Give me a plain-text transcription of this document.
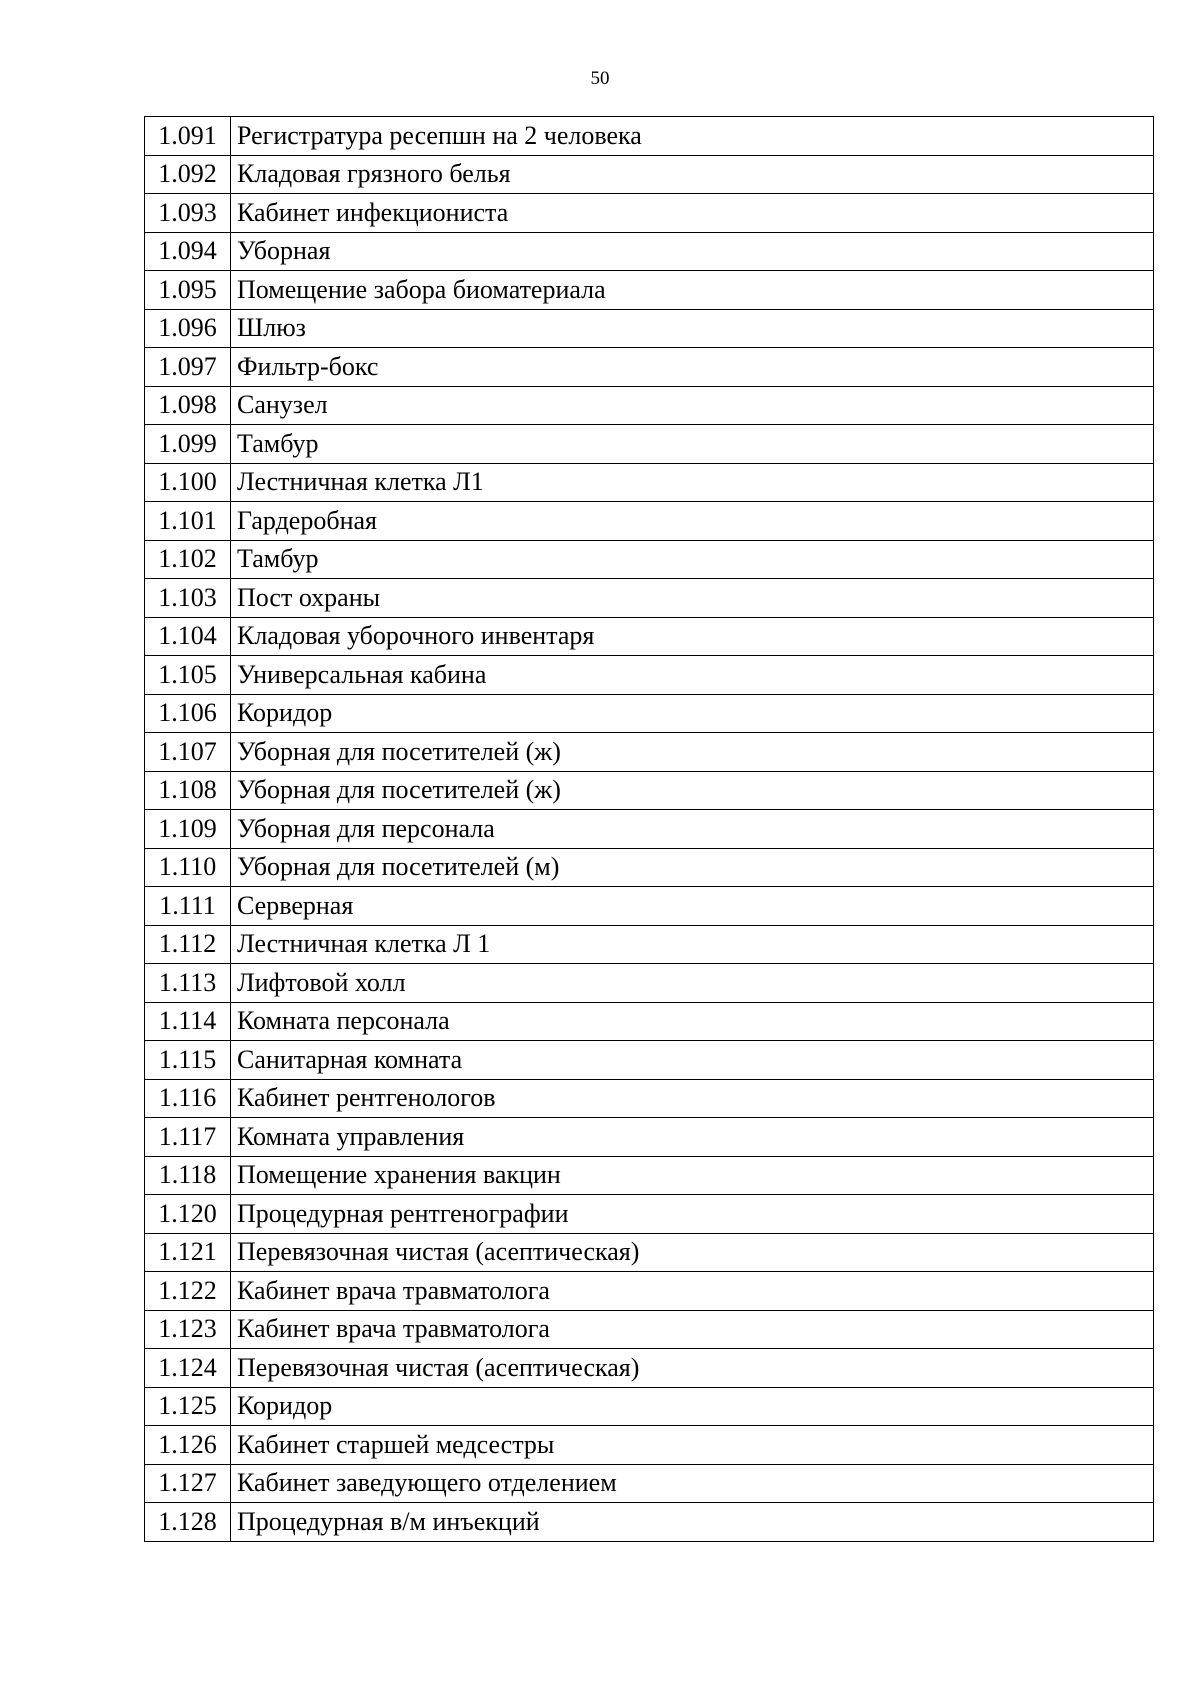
50
1.091	Регистратура ресепшн на 2 человека
1.092	Кладовая грязного белья
1.093	Кабинет инфекциониста
1.094	Уборная
1.095	Помещение забора биоматериала
1.096	Шлюз
1.097	Фильтр-бокс
1.098	Санузел
1.099	Тамбур
1.100	Лестничная клетка Л1
1.101	Гардеробная
1.102	Тамбур
1.103	Пост охраны
1.104	Кладовая уборочного инвентаря
1.105	Универсальная кабина
1.106	Коридор
1.107	Уборная для посетителей (ж)
1.108	Уборная для посетителей (ж)
1.109	Уборная для персонала
1.110	Уборная для посетителей (м)
1.111	Серверная
1.112	Лестничная клетка Л 1
1.113	Лифтовой холл
1.114	Комната персонала
1.115	Санитарная комната
1.116	Кабинет рентгенологов
1.117	Комната управления
1.118	Помещение хранения вакцин
1.120	Процедурная рентгенографии
1.121	Перевязочная чистая (асептическая)
1.122	Кабинет врача травматолога
1.123	Кабинет врача травматолога
1.124	Перевязочная чистая (асептическая)
1.125	Коридор
1.126	Кабинет старшей медсестры
1.127	Кабинет заведующего отделением
1.128	Процедурная в/м инъекций
